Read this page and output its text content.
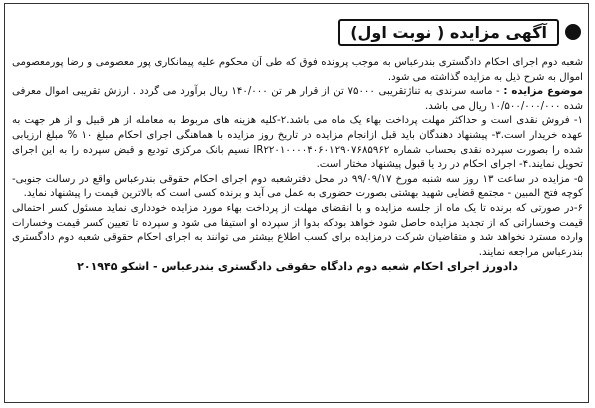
آگهی مزایده ( نوبت اول)

شعبه دوم اجرای احکام دادگستری بندرعباس به موجب پرونده فوق که طی آن محکوم علیه پیمانکاری پور معصومی و رضا پورمعصومی اموال به شرح ذیل به مزایده گذاشته می شود.

موضوع مزایده : - ماسه سرندی به تناژتقریبی ۷۵۰۰۰ تن از قرار هر تن ۱۴۰/۰۰۰ ریال برآورد می گردد . ارزش تقریبی اموال معرفی شده ۱۰/۵۰۰/۰۰۰/۰۰۰ ریال می باشد.

۱- فروش نقدی است و حداکثر مهلت پرداخت بهاء یک ماه می باشد.۲-کلیه هزینه های مربوط به معامله از هر قبیل و از هر جهت به عهده خریدار است.۳- پیشنهاد دهندگان باید قبل ازانجام مزایده در تاریخ روز مزایده با هماهنگی اجرای احکام مبلغ ۱۰ % مبلغ ارزیابی شده را بصورت سپرده نقدی بحساب شماره IR۲۲۰۱۰۰۰۰۴۰۶۰۱۲۹۰۷۶۸۵۹۶۲ نسیم بانک مرکزی تودیع و قبض سپرده را به این اجرای تحویل نمایند.۴- اجرای احکام در رد یا قبول پیشنهاد مختار است.

۵- مزایده در ساعت ۱۳ روز سه شنبه مورخ ۹۹/۰۹/۱۷ در محل دفترشعبه دوم اجرای احکام حقوقی بندرعباس واقع در رسالت جنوبی- کوچه فتح المبین - مجتمع قضایی شهید بهشتی بصورت حضوری به عمل می آید و برنده کسی است که بالاترین قیمت را پیشنهاد نماید.

۶-در صورتی که برنده تا یک ماه از جلسه مزایده و با انقضای مهلت از پرداخت بهاء مورد مزایده خودداری نماید مسئول کسر احتمالی قیمت وخساراتی که از تجدید مزایده حاصل شود خواهد بودکه بدوا از سپرده او استیفا می شود و سپرده تا تعیین کسر قیمت وخسارات وارده مسترد نخواهد شد و متقاضیان شرکت درمزایده برای کسب اطلاع بیشتر می توانند به اجرای احکام حقوقی شعبه دوم دادگستری بندرعباس مراجعه نمایند.

دادورز اجرای احکام شعبه دوم دادگاه حقوقی دادگستری بندرعباس - اشکو ۲۰۱۹۴۵
